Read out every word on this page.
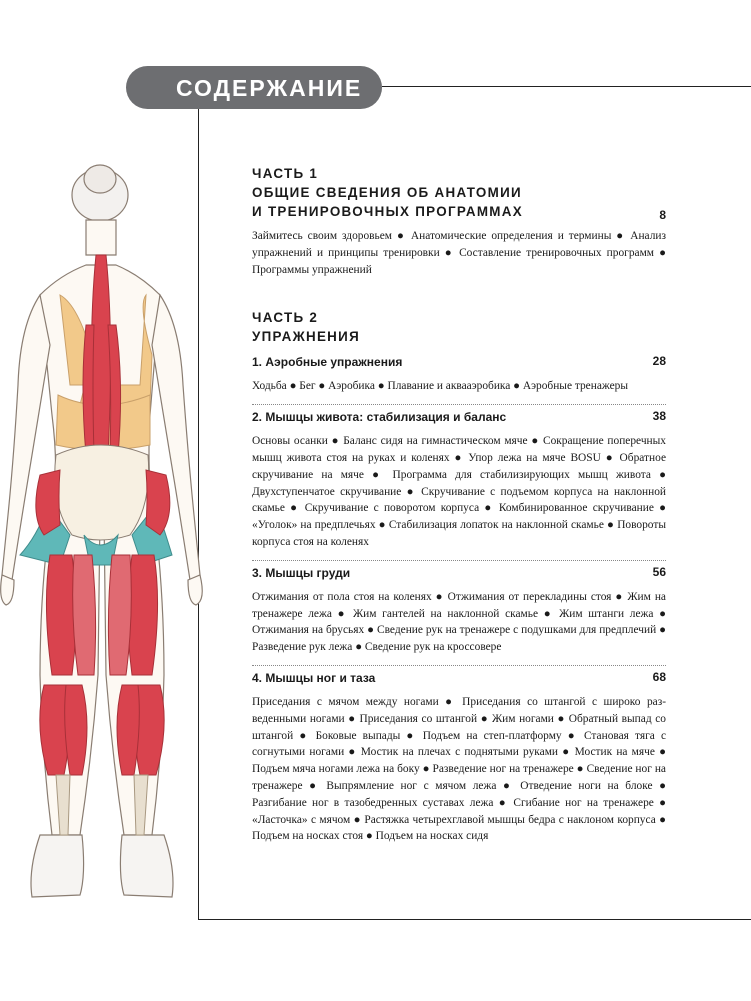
СОДЕРЖАНИЕ

ЧАСТЬ 1

ОБЩИЕ СВЕДЕНИЯ ОБ АНАТОМИИ

И ТРЕНИРОВОЧНЫХ ПРОГРАММАХ	8

Займитесь своим здоровьем ● Анатомические определения и термины ● Анализ упражнений и принципы тренировки ● Составление тренировочных программ ● Программы упражнений

ЧАСТЬ 2

УПРАЖНЕНИЯ

1. Аэробные упражнения	28

Ходьба ● Бег ● Аэробика ● Плавание и аквааэробика ● Аэробные тренажеры

2. Мышцы живота: стабилизация и баланс	38

Основы осанки ● Баланс сидя на гимнастическом мяче ● Сокращение поперечных мышц живота стоя на руках и коленях ● Упор лежа на мяче BOSU ● Обратное скручивание на мяче ● Программа для стабилизирующих мышц живота ● Двухступенчатое скручивание ● Скручивание с подъемом корпуса на наклонной скамье ● Скручивание с поворотом корпуса ● Комбинированное скручивание ● «Уголок» на предплечьях ● Стабилизация лопаток на наклонной скамье ● Повороты корпуса стоя на коленях

3. Мышцы груди	56

Отжимания от пола стоя на коленях ● Отжимания от перекладины стоя ● Жим на тренажере лежа ● Жим гантелей на наклонной скамье ● Жим штанги лежа ● Отжимания на брусьях ● Сведение рук на тренажере с подушками для предплечий ● Разведение рук лежа ● Сведение рук на кроссовере

4. Мышцы ног и таза	68

Приседания с мячом между ногами ● Приседания со штангой с широко разведенными ногами ● Приседания со штангой ● Жим ногами ● Обратный выпад со штангой ● Боковые выпады ● Подъем на степ-платформу ● Становая тяга с согнутыми ногами ● Мостик на плечах с поднятыми руками ● Мостик на мяче ● Подъем мяча ногами лежа на боку ● Разведение ног на тренажере ● Сведение ног на тренажере ● Выпрямление ног с мячом лежа ● Отведение ноги на блоке ● Разгибание ног в тазобедренных суставах лежа ● Сгибание ног на тренажере ● «Ласточка» с мячом ● Растяжка четырехглавой мышцы бедра с наклоном корпуса ● Подъем на носках стоя ● Подъем на носках сидя
